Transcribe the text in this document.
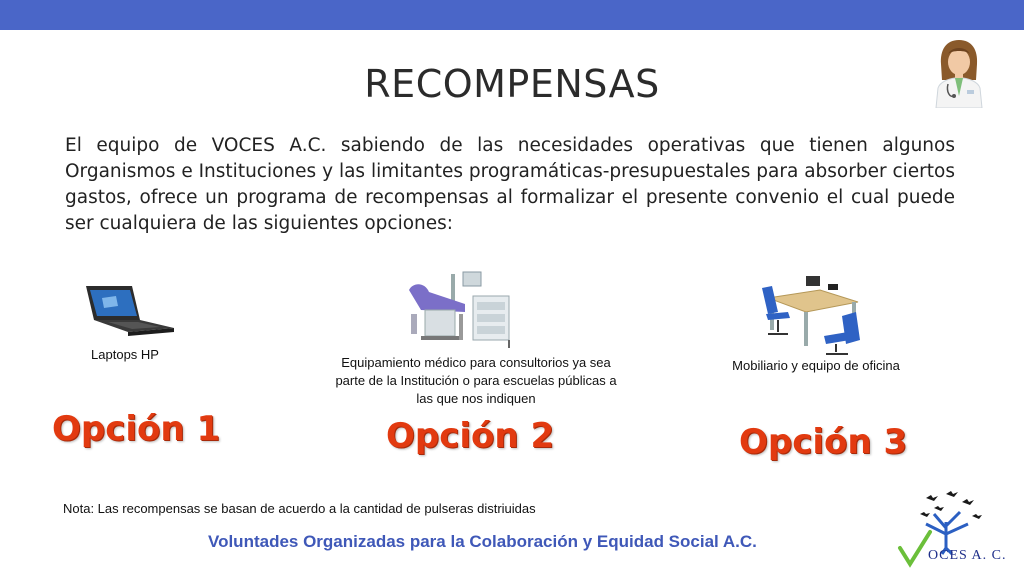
RECOMPENSAS
El equipo de VOCES A.C. sabiendo de las necesidades operativas que tienen algunos Organismos e Instituciones y las limitantes programáticas-presupuestales para absorber ciertos gastos, ofrece un programa de recompensas al formalizar el presente convenio el cual puede ser cualquiera de las siguientes opciones:
Laptops HP
Opción 1
Equipamiento médico para consultorios ya sea parte de la Institución o para escuelas públicas a las que nos indiquen
Opción 2
Mobiliario y equipo de oficina
Opción 3
Nota: Las recompensas se basan de acuerdo a la cantidad de pulseras distriuidas
Voluntades Organizadas para la Colaboración y Equidad Social A.C.
OCES A. C.
